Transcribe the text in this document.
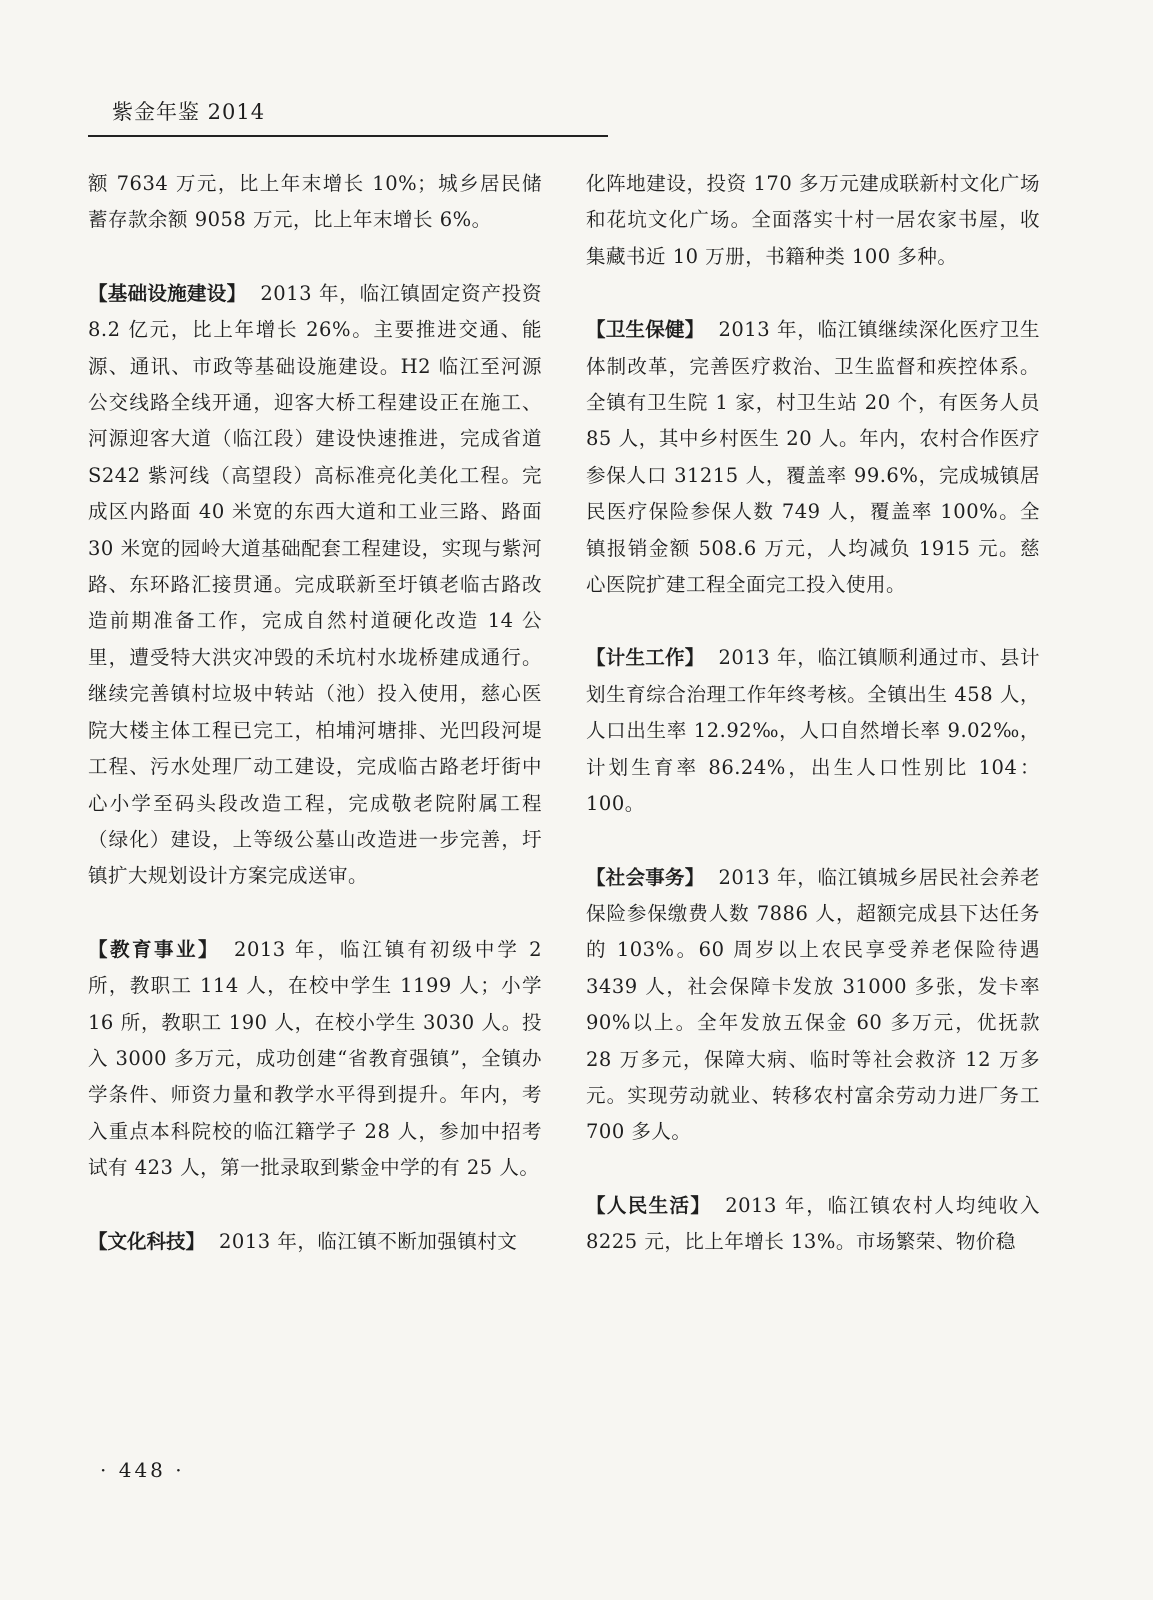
紫金年鉴 2014

额 7634 万元，比上年末增长 10%；城乡居民储蓄存款余额 9058 万元，比上年末增长 6%。

【基础设施建设】 2013 年，临江镇固定资产投资 8.2 亿元，比上年增长 26%。主要推进交通、能源、通讯、市政等基础设施建设。H2 临江至河源公交线路全线开通，迎客大桥工程建设正在施工、河源迎客大道（临江段）建设快速推进，完成省道 S242 紫河线（高望段）高标准亮化美化工程。完成区内路面 40 米宽的东西大道和工业三路、路面 30 米宽的园岭大道基础配套工程建设，实现与紫河路、东环路汇接贯通。完成联新至圩镇老临古路改造前期准备工作，完成自然村道硬化改造 14 公里，遭受特大洪灾冲毁的禾坑村水垅桥建成通行。继续完善镇村垃圾中转站（池）投入使用，慈心医院大楼主体工程已完工，柏埔河塘排、光凹段河堤工程、污水处理厂动工建设，完成临古路老圩街中心小学至码头段改造工程，完成敬老院附属工程（绿化）建设，上等级公墓山改造进一步完善，圩镇扩大规划设计方案完成送审。

【教育事业】 2013 年，临江镇有初级中学 2 所，教职工 114 人，在校中学生 1199 人；小学 16 所，教职工 190 人，在校小学生 3030 人。投入 3000 多万元，成功创建“省教育强镇”，全镇办学条件、师资力量和教学水平得到提升。年内，考入重点本科院校的临江籍学子 28 人，参加中招考试有 423 人，第一批录取到紫金中学的有 25 人。

【文化科技】 2013 年，临江镇不断加强镇村文

化阵地建设，投资 170 多万元建成联新村文化广场和花坑文化广场。全面落实十村一居农家书屋，收集藏书近 10 万册，书籍种类 100 多种。

【卫生保健】 2013 年，临江镇继续深化医疗卫生体制改革，完善医疗救治、卫生监督和疾控体系。全镇有卫生院 1 家，村卫生站 20 个，有医务人员 85 人，其中乡村医生 20 人。年内，农村合作医疗参保人口 31215 人，覆盖率 99.6%，完成城镇居民医疗保险参保人数 749 人，覆盖率 100%。全镇报销金额 508.6 万元，人均减负 1915 元。慈心医院扩建工程全面完工投入使用。

【计生工作】 2013 年，临江镇顺利通过市、县计划生育综合治理工作年终考核。全镇出生 458 人，人口出生率 12.92‰，人口自然增长率 9.02‰，计划生育率 86.24%，出生人口性别比 104：100。

【社会事务】 2013 年，临江镇城乡居民社会养老保险参保缴费人数 7886 人，超额完成县下达任务的 103%。60 周岁以上农民享受养老保险待遇 3439 人，社会保障卡发放 31000 多张，发卡率 90%以上。全年发放五保金 60 多万元，优抚款 28 万多元，保障大病、临时等社会救济 12 万多元。实现劳动就业、转移农村富余劳动力进厂务工 700 多人。

【人民生活】 2013 年，临江镇农村人均纯收入 8225 元，比上年增长 13%。市场繁荣、物价稳

· 448 ·
